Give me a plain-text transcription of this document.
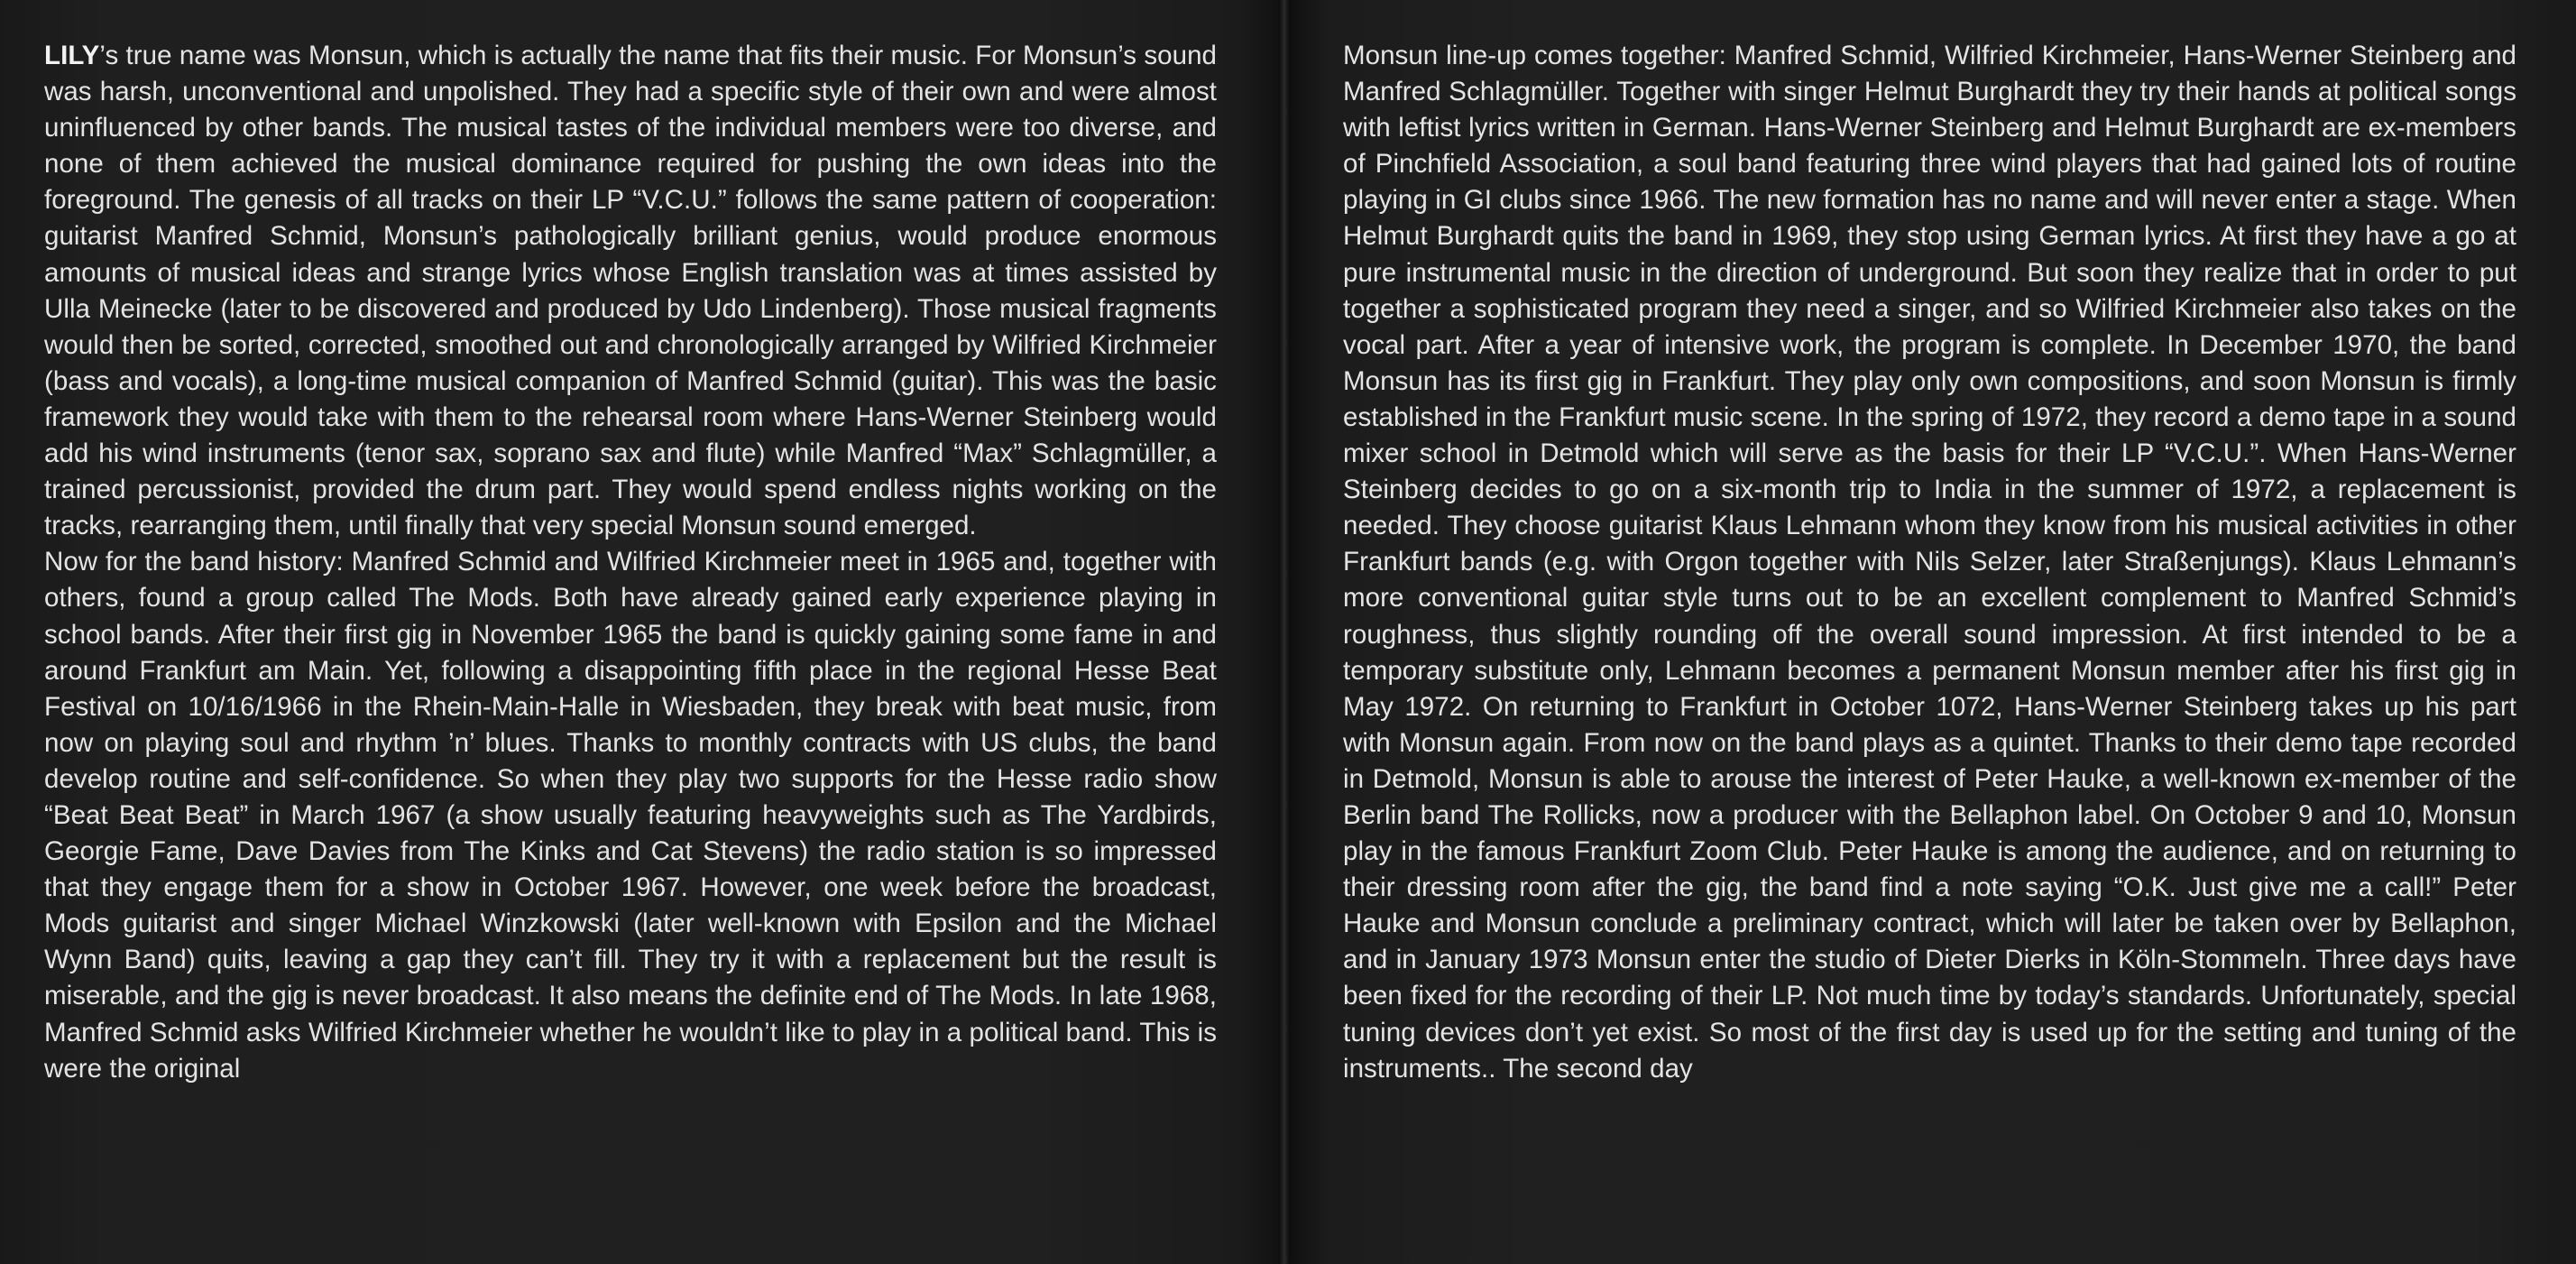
LILY’s true name was Monsun, which is actually the name that fits their music. For Monsun’s sound was harsh, unconventional and unpolished. They had a specific style of their own and were almost uninfluenced by other bands. The musical tastes of the individual members were too diverse, and none of them achieved the musical dominance required for pushing the own ideas into the foreground. The genesis of all tracks on their LP “V.C.U.” follows the same pattern of cooperation: guitarist Manfred Schmid, Monsun’s pathologically brilliant genius, would produce enormous amounts of musical ideas and strange lyrics whose English translation was at times assisted by Ulla Meinecke (later to be discovered and produced by Udo Lindenberg). Those musical fragments would then be sorted, corrected, smoothed out and chronologically arranged by Wilfried Kirchmeier (bass and vocals), a long-time musical companion of Manfred Schmid (guitar). This was the basic framework they would take with them to the rehearsal room where Hans-Werner Steinberg would add his wind instruments (tenor sax, soprano sax and flute) while Manfred “Max” Schlagmüller, a trained percussionist, provided the drum part. They would spend endless nights working on the tracks, rearranging them, until finally that very special Monsun sound emerged.

Now for the band history: Manfred Schmid and Wilfried Kirchmeier meet in 1965 and, together with others, found a group called The Mods. Both have already gained early experience playing in school bands. After their first gig in November 1965 the band is quickly gaining some fame in and around Frankfurt am Main. Yet, following a disappointing fifth place in the regional Hesse Beat Festival on 10/16/1966 in the Rhein-Main-Halle in Wiesbaden, they break with beat music, from now on playing soul and rhythm ’n’ blues. Thanks to monthly contracts with US clubs, the band develop routine and self-confidence. So when they play two supports for the Hesse radio show “Beat Beat Beat” in March 1967 (a show usually featuring heavyweights such as The Yardbirds, Georgie Fame, Dave Davies from The Kinks and Cat Stevens) the radio station is so impressed that they engage them for a show in October 1967. However, one week before the broadcast, Mods guitarist and singer Michael Winzkowski (later well-known with Epsilon and the Michael Wynn Band) quits, leaving a gap they can’t fill. They try it with a replacement but the result is miserable, and the gig is never broadcast. It also means the definite end of The Mods. In late 1968, Manfred Schmid asks Wilfried Kirchmeier whether he wouldn’t like to play in a political band. This is were the original

Monsun line-up comes together: Manfred Schmid, Wilfried Kirchmeier, Hans-Werner Steinberg and Manfred Schlagmüller. Together with singer Helmut Burghardt they try their hands at political songs with leftist lyrics written in German. Hans-Werner Steinberg and Helmut Burghardt are ex-members of Pinchfield Association, a soul band featuring three wind players that had gained lots of routine playing in GI clubs since 1966. The new formation has no name and will never enter a stage. When Helmut Burghardt quits the band in 1969, they stop using German lyrics. At first they have a go at pure instrumental music in the direction of underground. But soon they realize that in order to put together a sophisticated program they need a singer, and so Wilfried Kirchmeier also takes on the vocal part. After a year of intensive work, the program is complete. In December 1970, the band Monsun has its first gig in Frankfurt. They play only own compositions, and soon Monsun is firmly established in the Frankfurt music scene. In the spring of 1972, they record a demo tape in a sound mixer school in Detmold which will serve as the basis for their LP “V.C.U.”. When Hans-Werner Steinberg decides to go on a six-month trip to India in the summer of 1972, a replacement is needed. They choose guitarist Klaus Lehmann whom they know from his musical activities in other Frankfurt bands (e.g. with Orgon together with Nils Selzer, later Straßenjungs). Klaus Lehmann’s more conventional guitar style turns out to be an excellent complement to Manfred Schmid’s roughness, thus slightly rounding off the overall sound impression. At first intended to be a temporary substitute only, Lehmann becomes a permanent Monsun member after his first gig in May 1972. On returning to Frankfurt in October 1072, Hans-Werner Steinberg takes up his part with Monsun again. From now on the band plays as a quintet. Thanks to their demo tape recorded in Detmold, Monsun is able to arouse the interest of Peter Hauke, a well-known ex-member of the Berlin band The Rollicks, now a producer with the Bellaphon label. On October 9 and 10, Monsun play in the famous Frankfurt Zoom Club. Peter Hauke is among the audience, and on returning to their dressing room after the gig, the band find a note saying “O.K. Just give me a call!” Peter Hauke and Monsun conclude a preliminary contract, which will later be taken over by Bellaphon, and in January 1973 Monsun enter the studio of Dieter Dierks in Köln-Stommeln. Three days have been fixed for the recording of their LP. Not much time by today’s standards. Unfortunately, special tuning devices don’t yet exist. So most of the first day is used up for the setting and tuning of the instruments.. The second day
